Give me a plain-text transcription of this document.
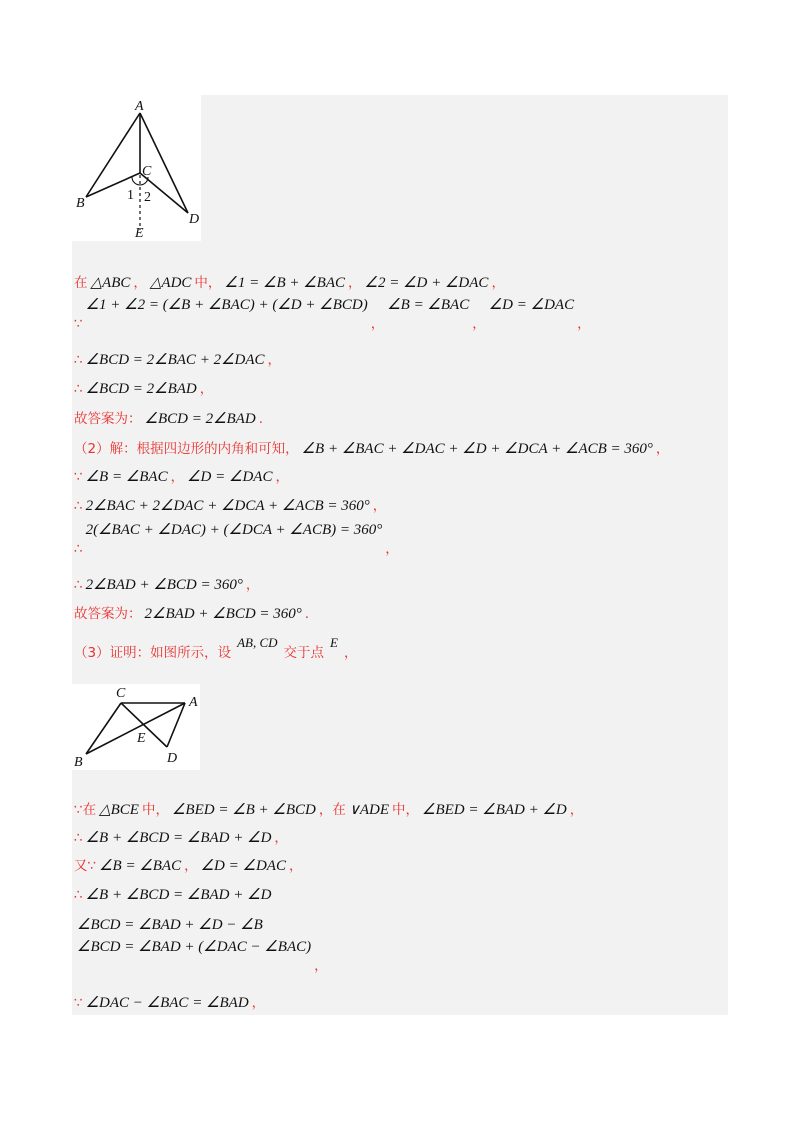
A
B
C
D
E
1 2
C
A
B	D
E
在 △ABC ， △ADC 中， ∠1 = ∠B + ∠BAC ， ∠2 = ∠D + ∠DAC ，
∵∠1 + ∠2 = (∠B + ∠BAC) + (∠D + ∠BCD)，∠B = ∠BAC，∠D = ∠DAC，
∴ ∠BCD = 2∠BAC + 2∠DAC ，
∴ ∠BCD = 2∠BAD ，
故答案为： ∠BCD = 2∠BAD .
（2）解：根据四边形的内角和可知， ∠B + ∠BAC + ∠DAC + ∠D + ∠DCA + ∠ACB = 360° ，
∵ ∠B = ∠BAC ， ∠D = ∠DAC ，
∴ 2∠BAC + 2∠DAC + ∠DCA + ∠ACB = 360° ，
∴2(∠BAC + ∠DAC) + (∠DCA + ∠ACB) = 360°，
∴ 2∠BAD + ∠BCD = 360° ，
故答案为： 2∠BAD + ∠BCD = 360° .
（3）证明：如图所示，设AB, CD交于点E，
∵在 △BCE 中， ∠BED = ∠B + ∠BCD ，在 ∨ADE 中， ∠BED = ∠BAD + ∠D ，
∴ ∠B + ∠BCD = ∠BAD + ∠D ，
又∵ ∠B = ∠BAC ， ∠D = ∠DAC ，
∴ ∠B + ∠BCD = ∠BAD + ∠D
∠BCD = ∠BAD + ∠D − ∠B
∠BCD = ∠BAD + (∠DAC − ∠BAC)，
∵ ∠DAC − ∠BAC = ∠BAD ，
